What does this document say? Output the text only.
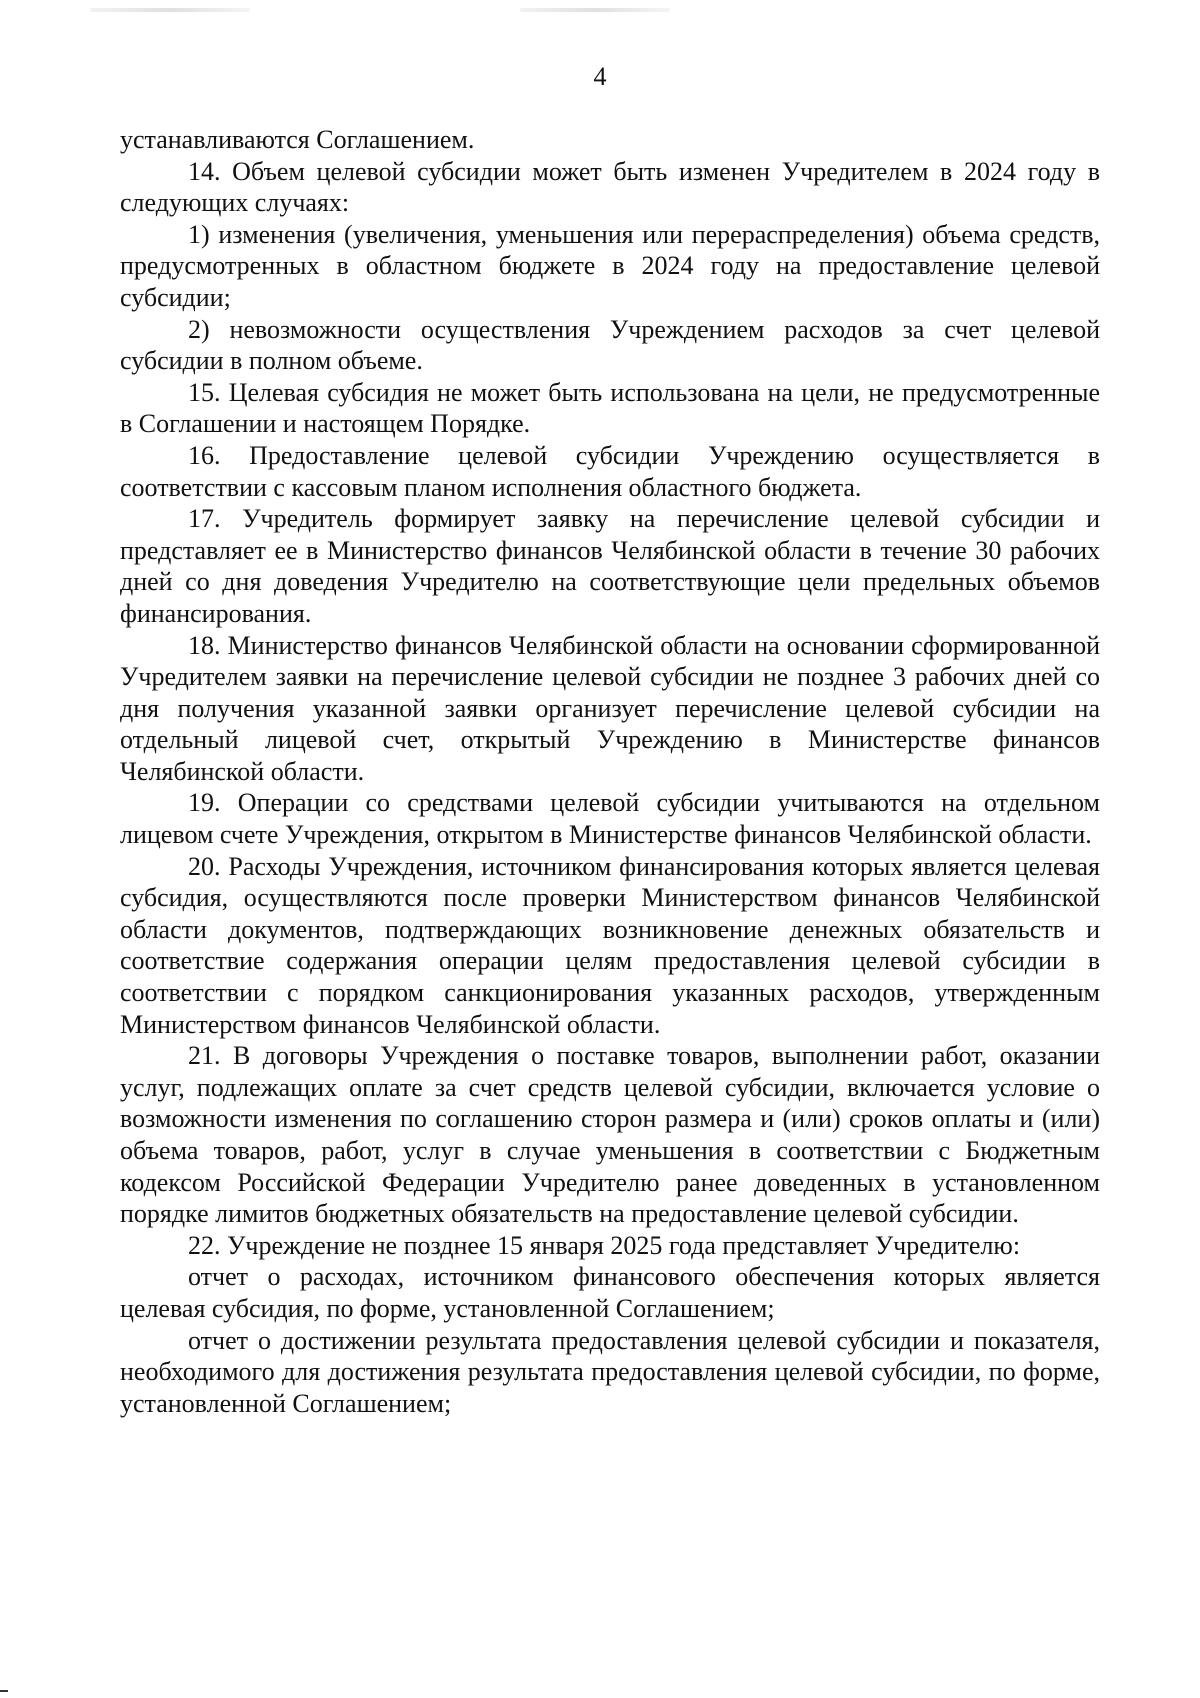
4

устанавливаются Соглашением.

14. Объем целевой субсидии может быть изменен Учредителем в 2024 году в следующих случаях:

1) изменения (увеличения, уменьшения или перераспределения) объема средств, предусмотренных в областном бюджете в 2024 году на предоставление целевой субсидии;

2) невозможности осуществления Учреждением расходов за счет целевой субсидии в полном объеме.

15. Целевая субсидия не может быть использована на цели, не предусмотренные в Соглашении и настоящем Порядке.

16. Предоставление целевой субсидии Учреждению осуществляется в соответствии с кассовым планом исполнения областного бюджета.

17. Учредитель формирует заявку на перечисление целевой субсидии и представляет ее в Министерство финансов Челябинской области в течение 30 рабочих дней со дня доведения Учредителю на соответствующие цели предельных объемов финансирования.

18. Министерство финансов Челябинской области на основании сформированной Учредителем заявки на перечисление целевой субсидии не позднее 3 рабочих дней со дня получения указанной заявки организует перечисление целевой субсидии на отдельный лицевой счет, открытый Учреждению в Министерстве финансов Челябинской области.

19. Операции со средствами целевой субсидии учитываются на отдельном лицевом счете Учреждения, открытом в Министерстве финансов Челябинской области.

20. Расходы Учреждения, источником финансирования которых является целевая субсидия, осуществляются после проверки Министерством финансов Челябинской области документов, подтверждающих возникновение денежных обязательств и соответствие содержания операции целям предоставления целевой субсидии в соответствии с порядком санкционирования указанных расходов, утвержденным Министерством финансов Челябинской области.

21. В договоры Учреждения о поставке товаров, выполнении работ, оказании услуг, подлежащих оплате за счет средств целевой субсидии, включается условие о возможности изменения по соглашению сторон размера и (или) сроков оплаты и (или) объема товаров, работ, услуг в случае уменьшения в соответствии с Бюджетным кодексом Российской Федерации Учредителю ранее доведенных в установленном порядке лимитов бюджетных обязательств на предоставление целевой субсидии.

22. Учреждение не позднее 15 января 2025 года представляет Учредителю:

отчет о расходах, источником финансового обеспечения которых является целевая субсидия, по форме, установленной Соглашением;

отчет о достижении результата предоставления целевой субсидии и показателя, необходимого для достижения результата предоставления целевой субсидии, по форме, установленной Соглашением;
